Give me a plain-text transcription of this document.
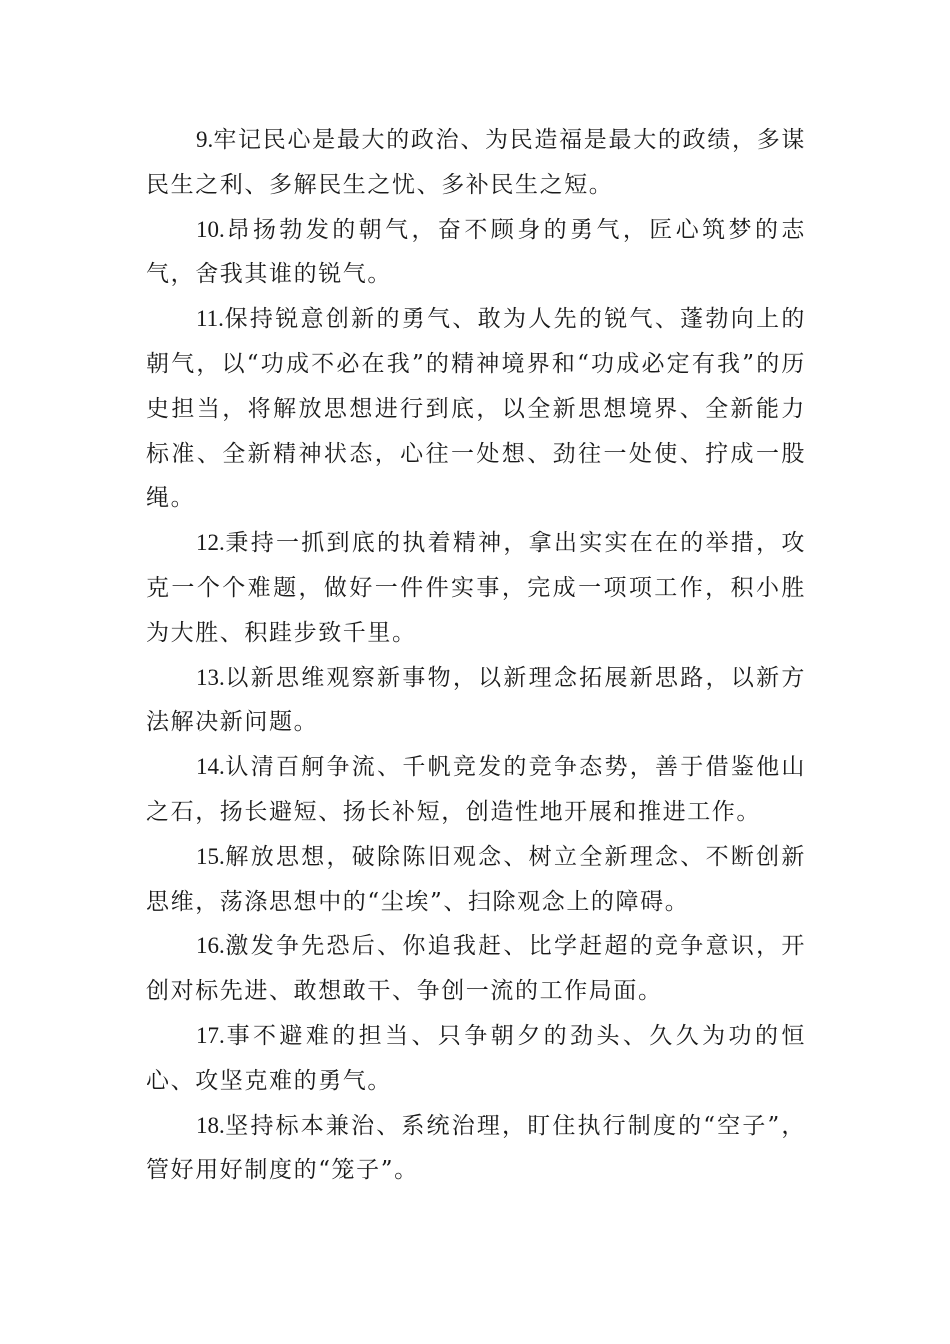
9.牢记民心是最大的政治、为民造福是最大的政绩，多谋民生之利、多解民生之忧、多补民生之短。

10.昂扬勃发的朝气，奋不顾身的勇气，匠心筑梦的志气，舍我其谁的锐气。

11.保持锐意创新的勇气、敢为人先的锐气、蓬勃向上的朝气，以“功成不必在我”的精神境界和“功成必定有我”的历史担当，将解放思想进行到底，以全新思想境界、全新能力标准、全新精神状态，心往一处想、劲往一处使、拧成一股绳。

12.秉持一抓到底的执着精神，拿出实实在在的举措，攻克一个个难题，做好一件件实事，完成一项项工作，积小胜为大胜、积跬步致千里。

13.以新思维观察新事物，以新理念拓展新思路，以新方法解决新问题。

14.认清百舸争流、千帆竞发的竞争态势，善于借鉴他山之石，扬长避短、扬长补短，创造性地开展和推进工作。

15.解放思想，破除陈旧观念、树立全新理念、不断创新思维，荡涤思想中的“尘埃”、扫除观念上的障碍。

16.激发争先恐后、你追我赶、比学赶超的竞争意识，开创对标先进、敢想敢干、争创一流的工作局面。

17.事不避难的担当、只争朝夕的劲头、久久为功的恒心、攻坚克难的勇气。

18.坚持标本兼治、系统治理，盯住执行制度的“空子”，管好用好制度的“笼子”。
